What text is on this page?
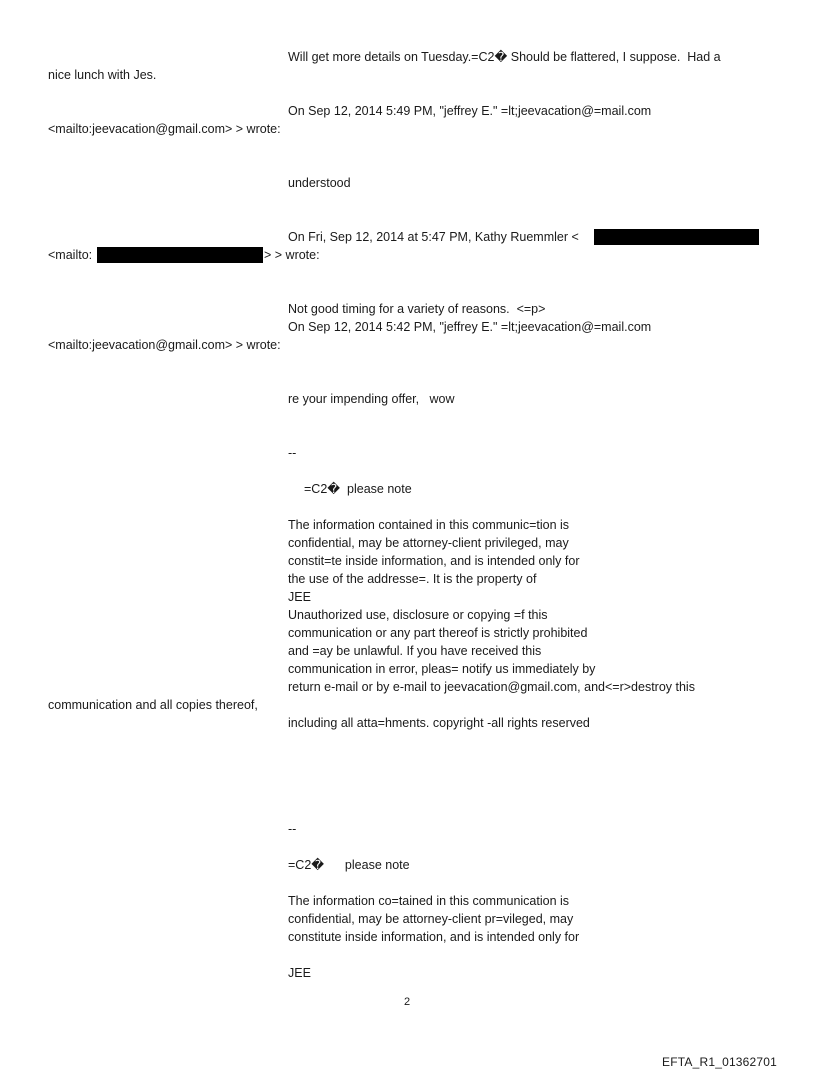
Will get more details on Tuesday.=C2� Should be flattered, I suppose.  Had a
nice lunch with Jes.
On Sep 12, 2014 5:49 PM, "jeffrey E." =lt;jeevacation@=mail.com
<mailto:jeevacation@gmail.com> > wrote:
understood
On Fri, Sep 12, 2014 at 5:47 PM, Kathy Ruemmler <
<mailto:	> > wrote:
Not good timing for a variety of reasons.  <=p>
On Sep 12, 2014 5:42 PM, "jeffrey E." =lt;jeevacation@=mail.com
<mailto:jeevacation@gmail.com> > wrote:
re your impending offer,   wow
--
=C2�  please note
The information contained in this communic=tion is
confidential, may be attorney-client privileged, may
constit=te inside information, and is intended only for
the use of the addresse=. It is the property of
JEE
Unauthorized use, disclosure or copying =f this
communication or any part thereof is strictly prohibited
and =ay be unlawful. If you have received this
communication in error, pleas= notify us immediately by
return e-mail or by e-mail to jeevacation@gmail.com, and<=r>destroy this
communication and all copies thereof,
including all atta=hments. copyright -all rights reserved
--
=C2�      please note
The information co=tained in this communication is
confidential, may be attorney-client pr=vileged, may
constitute inside information, and is intended only for
JEE
2
EFTA_R1_01362701
